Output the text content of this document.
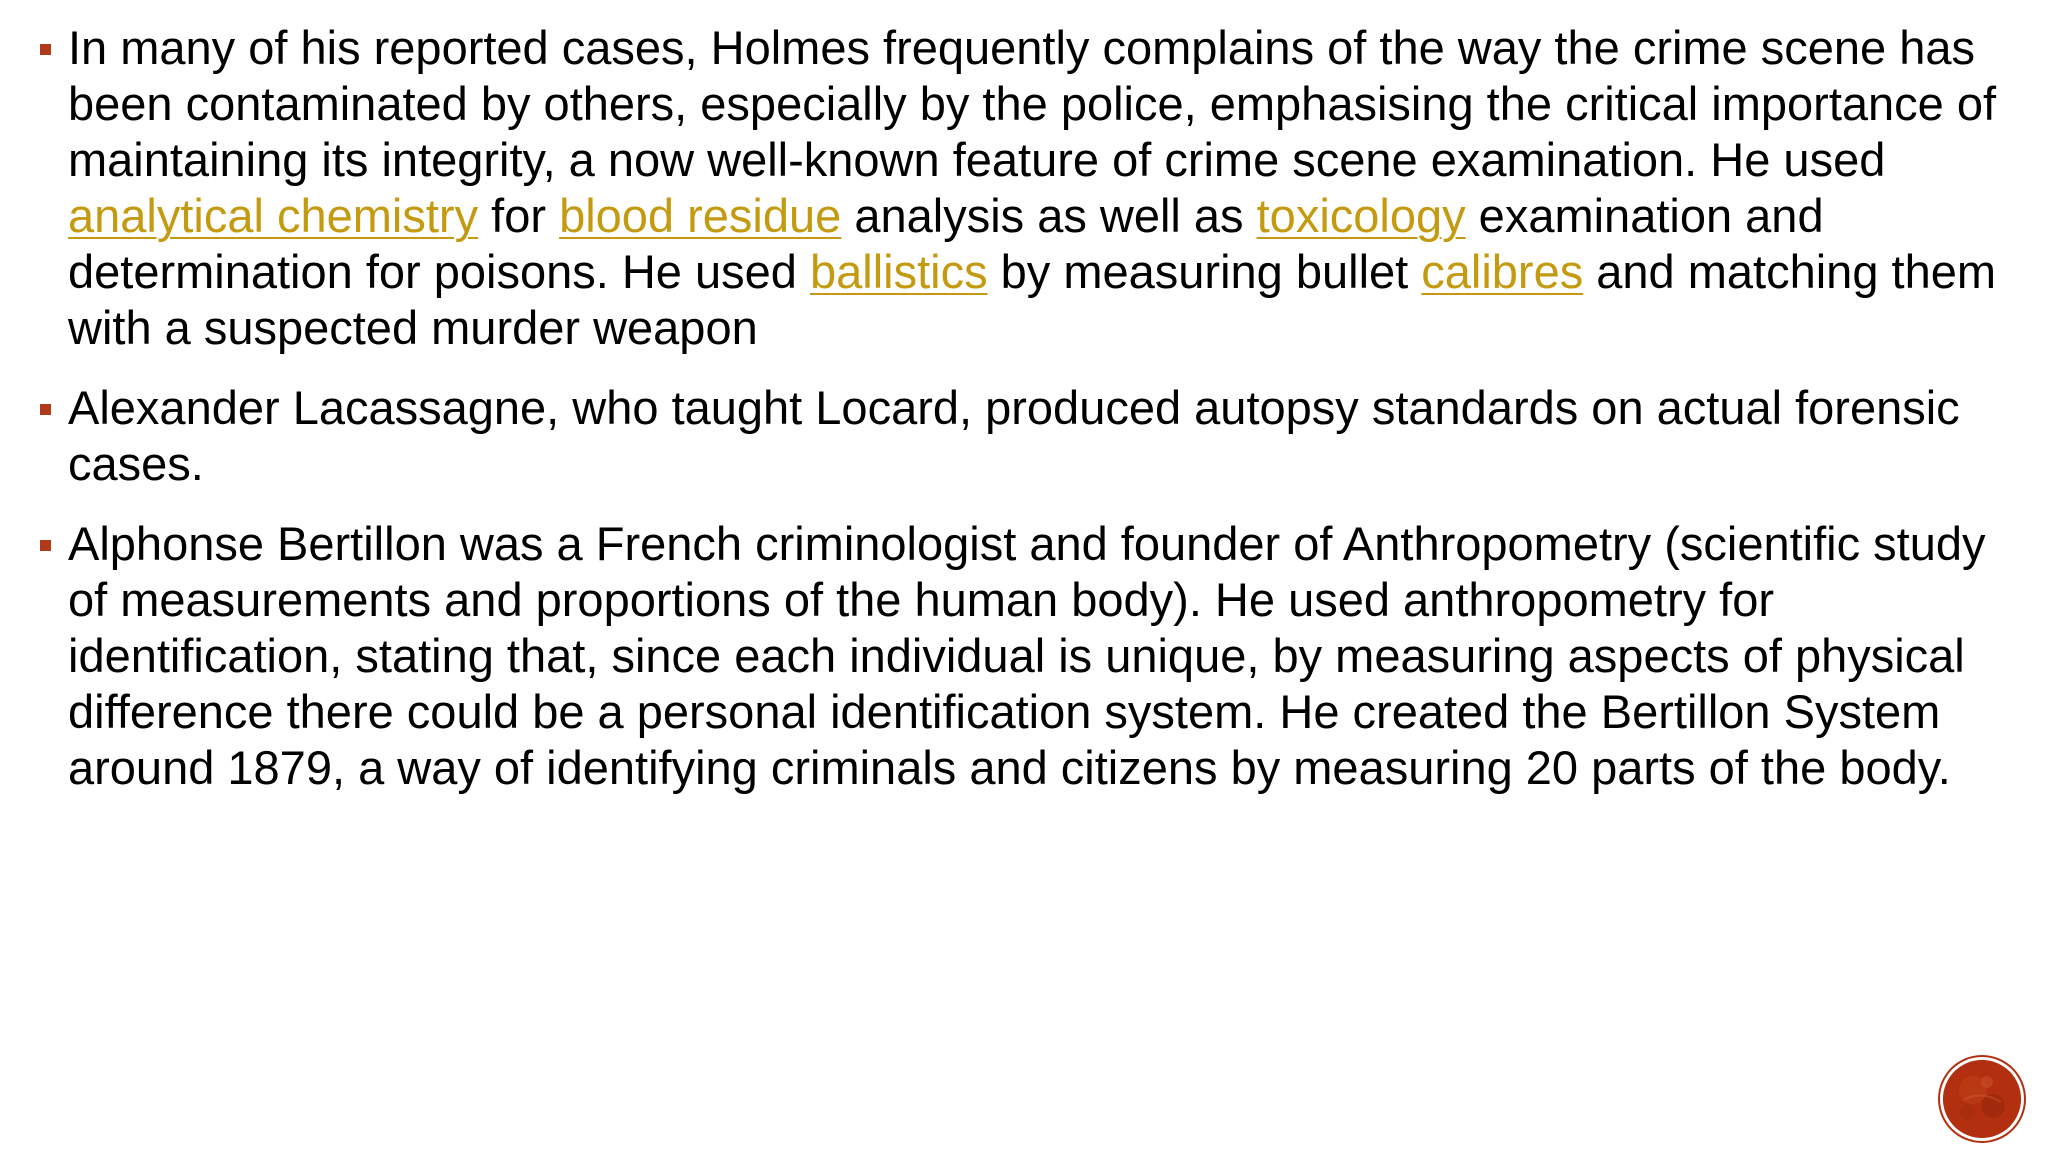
In many of his reported cases, Holmes frequently complains of the way the crime scene has been contaminated by others, especially by the police, emphasising the critical importance of maintaining its integrity, a now well-known feature of crime scene examination. He used analytical chemistry for blood residue analysis as well as toxicology examination and determination for poisons. He used ballistics by measuring bullet calibres and matching them with a suspected murder weapon
Alexander Lacassagne, who taught Locard, produced autopsy standards on actual forensic cases.
Alphonse Bertillon was a French criminologist and founder of Anthropometry (scientific study of measurements and proportions of the human body). He used anthropometry for identification, stating that, since each individual is unique, by measuring aspects of physical difference there could be a personal identification system. He created the Bertillon System around 1879, a way of identifying criminals and citizens by measuring 20 parts of the body.
